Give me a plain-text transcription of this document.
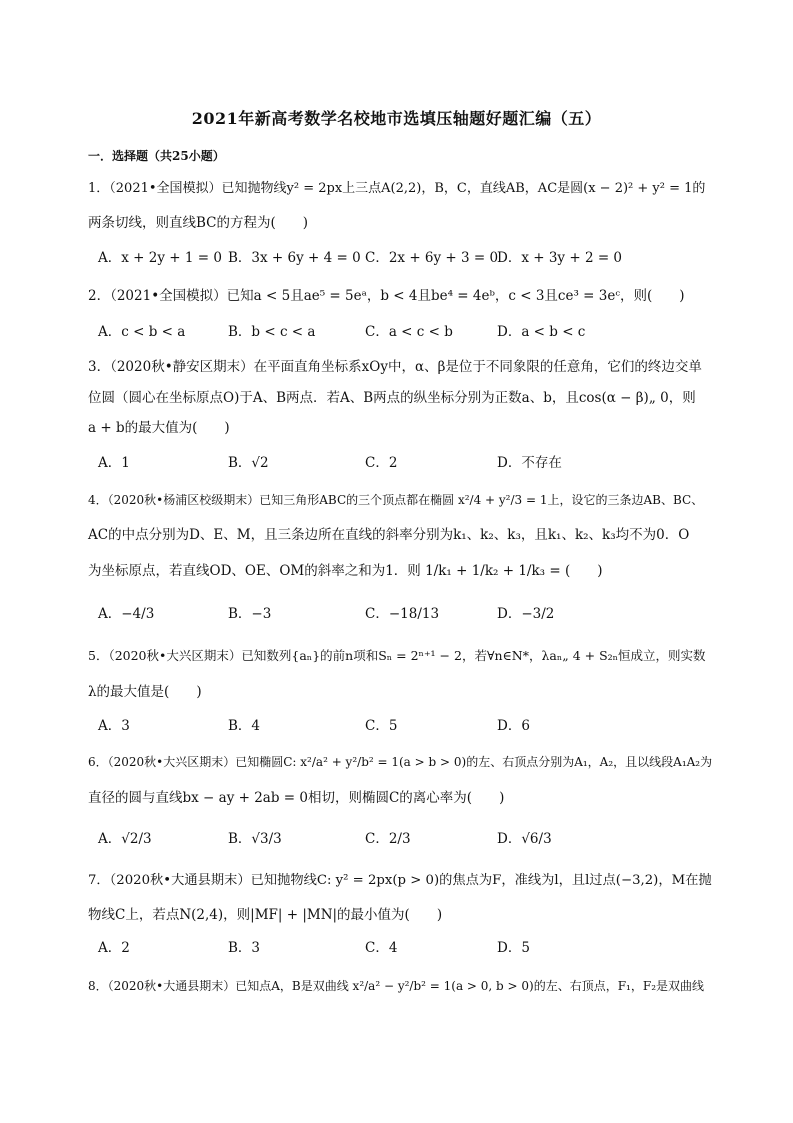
2021年新高考数学名校地市选填压轴题好题汇编（五）
一．选择题（共25小题）
1．（2021•全国模拟）已知抛物线y² = 2px上三点A(2,2)，B，C，直线AB，AC是圆(x − 2)² + y² = 1的
两条切线，则直线BC的方程为(　　)
A．x + 2y + 1 = 0 B．3x + 6y + 4 = 0 C．2x + 6y + 3 = 0
D．x + 3y + 2 = 0
2．（2021•全国模拟）已知a < 5且ae⁵ = 5eᵃ，b < 4且be⁴ = 4eᵇ，c < 3且ce³ = 3eᶜ，则(　　)
A．c < b < a	B．b < c < a	C．a < c < b	D．a < b < c
3．（2020秋•静安区期末）在平面直角坐标系xOy中，α、β是位于不同象限的任意角，它们的终边交单
位圆（圆心在坐标原点O)于A、B两点．若A、B两点的纵坐标分别为正数a、b，且cos(α − β)„ 0，则
a + b的最大值为(　　)
A．1	B．√2	C．2	D．不存在
4．（2020秋•杨浦区校级期末）已知三角形ABC的三个顶点都在椭圆 x²/4 + y²/3 = 1上，设它的三条边AB、BC、
AC的中点分别为D、E、M，且三条边所在直线的斜率分别为k₁、k₂、k₃，且k₁、k₂、k₃均不为0．O
为坐标原点，若直线OD、OE、OM的斜率之和为1．则 1/k₁ + 1/k₂ + 1/k₃ = (　　)
A．−4/3	B．−3	C．−18/13	D．−3/2
5．（2020秋•大兴区期末）已知数列{aₙ}的前n项和Sₙ = 2ⁿ⁺¹ − 2，若∀n∈N*，λaₙ„ 4 + S₂ₙ恒成立，则实数
λ的最大值是(　　)
A．3	B．4	C．5	D．6
6．（2020秋•大兴区期末）已知椭圆C: x²/a² + y²/b² = 1(a > b > 0)的左、右顶点分别为A₁，A₂，且以线段A₁A₂为
直径的圆与直线bx − ay + 2ab = 0相切，则椭圆C的离心率为(　　)
A．√2/3	B．√3/3	C．2/3	D．√6/3
7．（2020秋•大通县期末）已知抛物线C: y² = 2px(p > 0)的焦点为F，准线为l，且l过点(−3,2)，M在抛
物线C上，若点N(2,4)，则|MF| + |MN|的最小值为(　　)
A．2	B．3	C．4	D．5
8．（2020秋•大通县期末）已知点A，B是双曲线 x²/a² − y²/b² = 1(a > 0, b > 0)的左、右顶点，F₁，F₂是双曲线
